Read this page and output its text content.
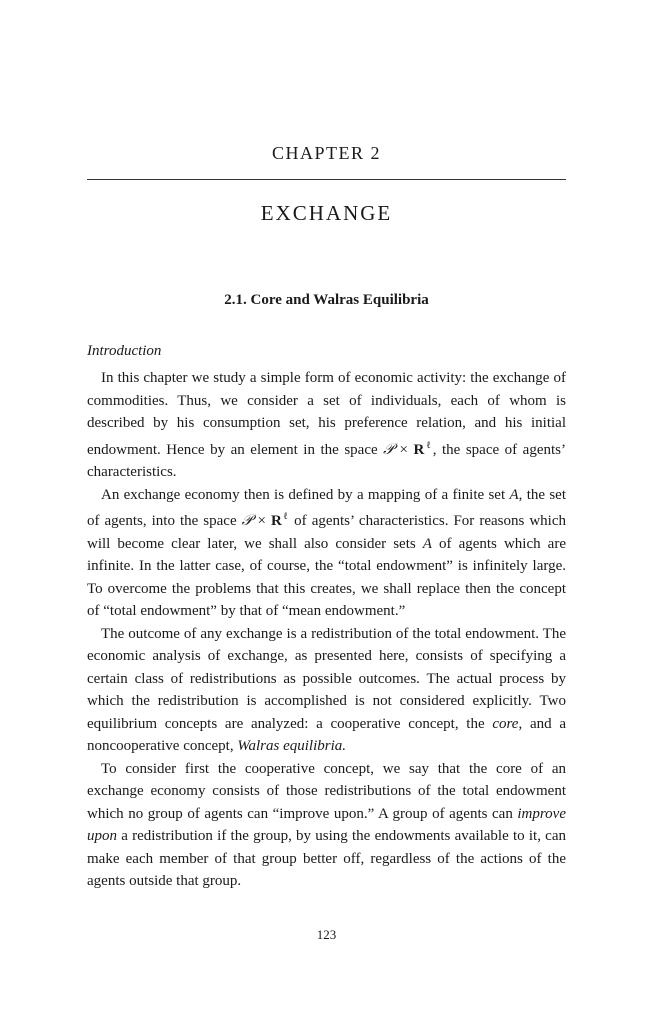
CHAPTER 2
EXCHANGE
2.1. Core and Walras Equilibria
Introduction

In this chapter we study a simple form of economic activity: the exchange of commodities. Thus, we consider a set of individuals, each of whom is described by his consumption set, his preference relation, and his initial endowment. Hence by an element in the space 𝒫 × $R^\ell$, the space of agents’ characteristics.

An exchange economy then is defined by a mapping of a finite set A, the set of agents, into the space 𝒫 × $R^\ell$ of agents’ characteristics. For reasons which will become clear later, we shall also consider sets A of agents which are infinite. In the latter case, of course, the “total endowment” is infinitely large. To overcome the problems that this creates, we shall replace then the concept of “total endowment” by that of “mean endowment.”

The outcome of any exchange is a redistribution of the total endowment. The economic analysis of exchange, as presented here, consists of specifying a certain class of redistributions as possible outcomes. The actual process by which the redistribution is accomplished is not considered explicitly. Two equilibrium concepts are analyzed: a cooperative concept, the core, and a noncooperative concept, Walras equilibria.

To consider first the cooperative concept, we say that the core of an exchange economy consists of those redistributions of the total endowment which no group of agents can “improve upon.” A group of agents can improve upon a redistribution if the group, by using the endowments available to it, can make each member of that group better off, regardless of the actions of the agents outside that group.

123
